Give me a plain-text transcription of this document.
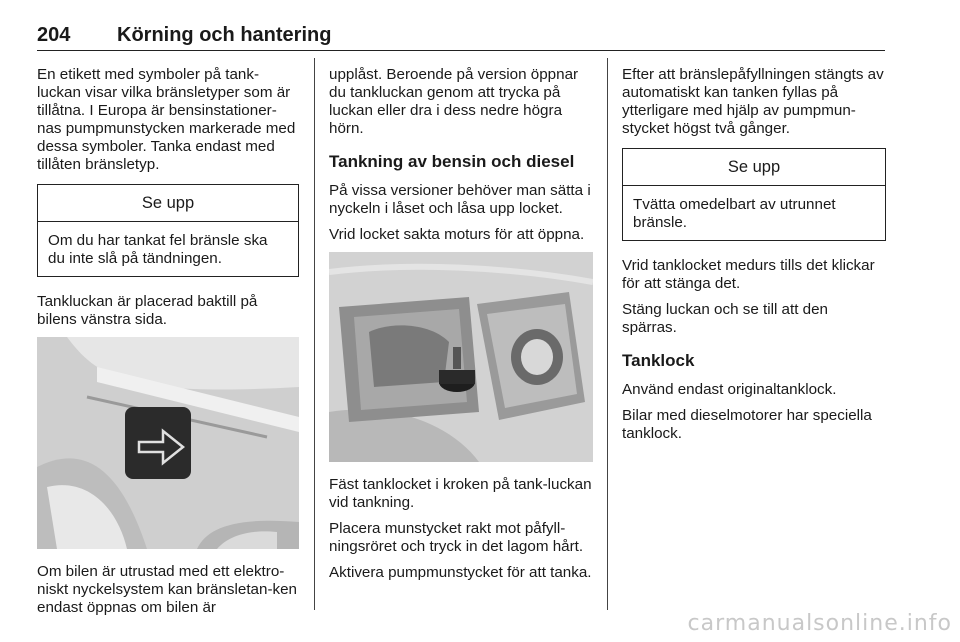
204 Körning och hantering

En etikett med symboler på tank-luckan visar vilka bränsletyper som är tillåtna. I Europa är bensinstationer-nas pumpmunstycken markerade med dessa symboler. Tanka endast med tillåten bränsletyp.

Se upp
Om du har tankat fel bränsle ska du inte slå på tändningen.

Tankluckan är placerad baktill på bilens vänstra sida.

Om bilen är utrustad med ett elektro-niskt nyckelsystem kan bränsletan-ken endast öppnas om bilen är

upplåst. Beroende på version öppnar du tankluckan genom att trycka på luckan eller dra i dess nedre högra hörn.

Tankning av bensin och diesel

På vissa versioner behöver man sätta i nyckeln i låset och låsa upp locket.

Vrid locket sakta moturs för att öppna.

Fäst tanklocket i kroken på tank-luckan vid tankning.

Placera munstycket rakt mot påfyll-ningsröret och tryck in det lagom hårt.

Aktivera pumpmunstycket för att tanka.

Efter att bränslepåfyllningen stängts av automatiskt kan tanken fyllas på ytterligare med hjälp av pumpmun-stycket högst två gånger.

Se upp
Tvätta omedelbart av utrunnet bränsle.

Vrid tanklocket medurs tills det klickar för att stänga det.

Stäng luckan och se till att den spärras.

Tanklock

Använd endast originaltanklock.

Bilar med dieselmotorer har speciella tanklock.

carmanualsonline.info
